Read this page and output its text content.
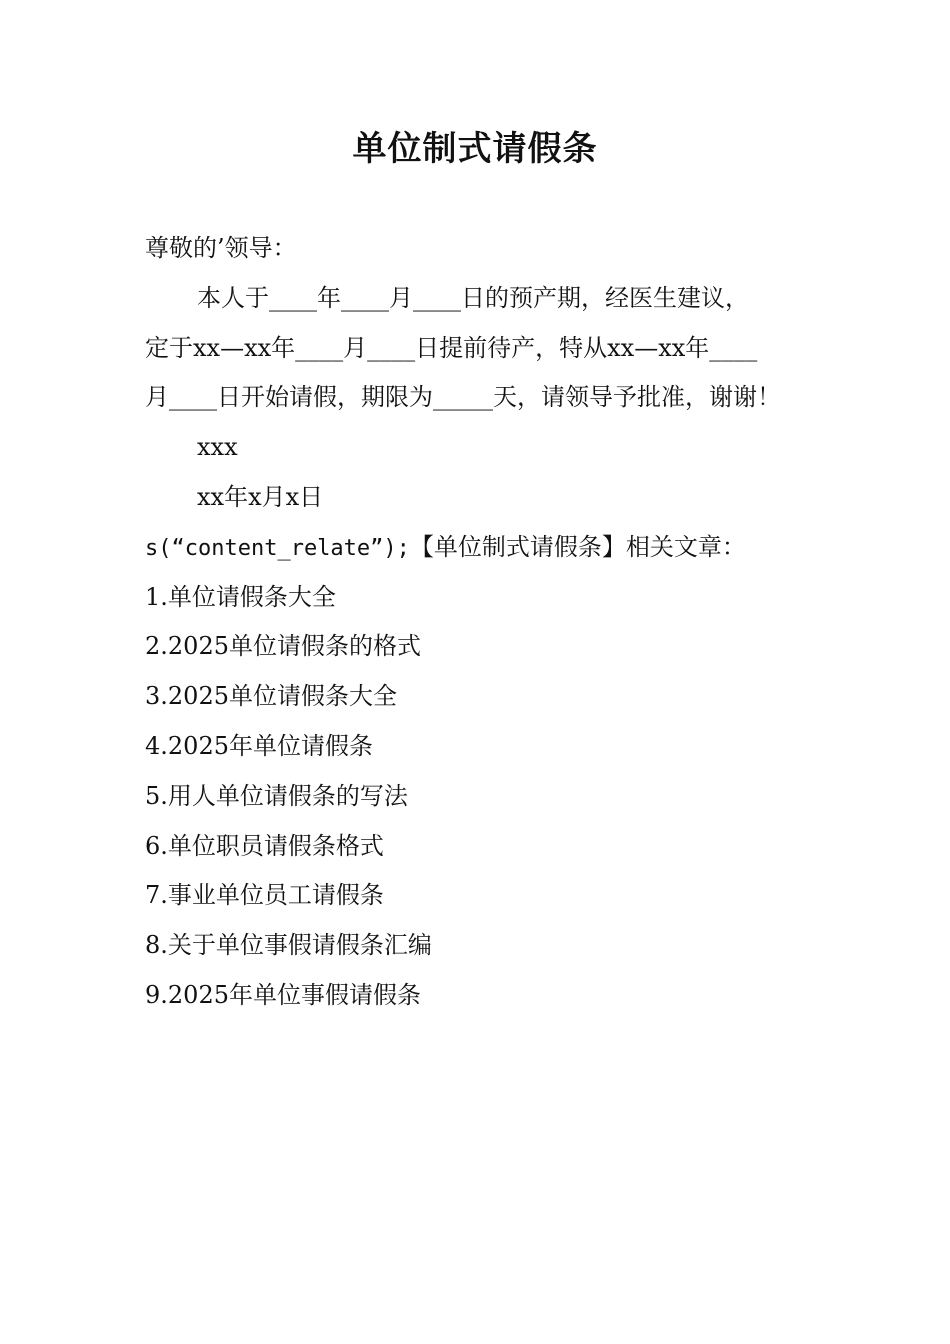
单位制式请假条
尊敬的’领导：
本人于____年____月____日的预产期，经医生建议，
定于xx—xx年____月____日提前待产，特从xx—xx年____
月____日开始请假，期限为_____天，请领导予批准，谢谢！
xxx
xx年x月x日
s(“content_relate”);【单位制式请假条】相关文章：
1.单位请假条大全
2.2025单位请假条的格式
3.2025单位请假条大全
4.2025年单位请假条
5.用人单位请假条的写法
6.单位职员请假条格式
7.事业单位员工请假条
8.关于单位事假请假条汇编
9.2025年单位事假请假条
